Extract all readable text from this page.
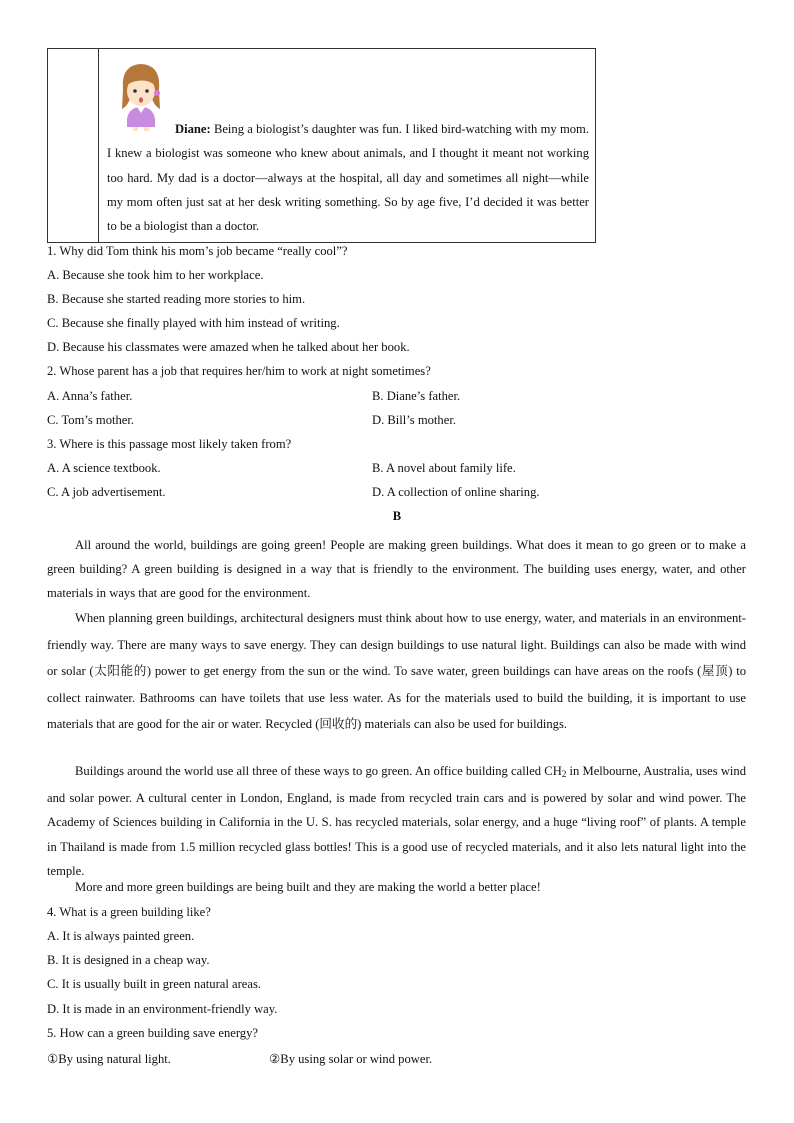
Diane: Being a biologist’s daughter was fun. I liked bird-watching with my mom. I knew a biologist was someone who knew about animals, and I thought it meant not working too hard. My dad is a doctor—always at the hospital, all day and sometimes all night—while my mom often just sat at her desk writing something. So by age five, I’d decided it was better to be a biologist than a doctor.
1. Why did Tom think his mom’s job became “really cool”?
A. Because she took him to her workplace.
B. Because she started reading more stories to him.
C. Because she finally played with him instead of writing.
D. Because his classmates were amazed when he talked about her book.
2. Whose parent has a job that requires her/him to work at night sometimes?
A. Anna’s father.	B. Diane’s father.
C. Tom’s mother.	D. Bill’s mother.
3. Where is this passage most likely taken from?
A. A science textbook.	B. A novel about family life.
C. A job advertisement.	D. A collection of online sharing.
B

All around the world, buildings are going green! People are making green buildings. What does it mean to go green or to make a green building? A green building is designed in a way that is friendly to the environment. The building uses energy, water, and other materials in ways that are good for the environment.

When planning green buildings, architectural designers must think about how to use energy, water, and materials in an environment-friendly way. There are many ways to save energy. They can design buildings to use natural light. Buildings can also be made with wind or solar (太阳能的) power to get energy from the sun or the wind. To save water, green buildings can have areas on the roofs (屋顶) to collect rainwater. Bathrooms can have toilets that use less water. As for the materials used to build the building, it is important to use materials that are good for the air or water. Recycled (回收的) materials can also be used for buildings.

Buildings around the world use all three of these ways to go green. An office building called $CH_2$ in Melbourne, Australia, uses wind and solar power. A cultural center in London, England, is made from recycled train cars and is powered by solar and wind power. The Academy of Sciences building in California in the U. S. has recycled materials, solar energy, and a huge “living roof” of plants. A temple in Thailand is made from 1.5 million recycled glass bottles! This is a good use of recycled materials, and it also lets natural light into the temple.

More and more green buildings are being built and they are making the world a better place!

4. What is a green building like?
A. It is always painted green.
B. It is designed in a cheap way.
C. It is usually built in green natural areas.
D. It is made in an environment-friendly way.
5. How can a green building save energy?
①By using natural light.	②By using solar or wind power.
